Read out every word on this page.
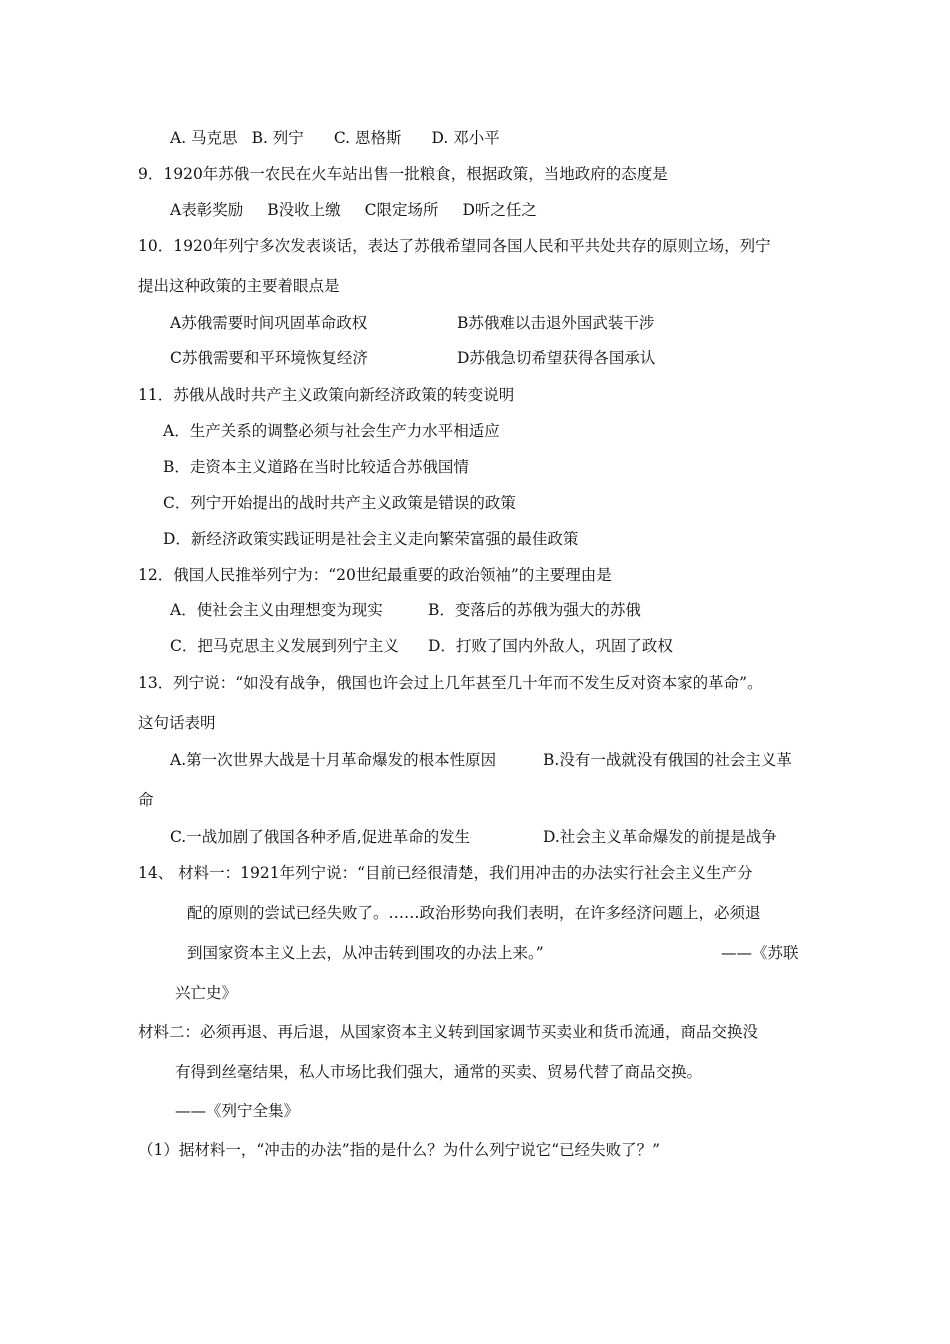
A. 马克思 B. 列宁 C. 恩格斯 D. 邓小平
9．1920年苏俄一农民在火车站出售一批粮食，根据政策，当地政府的态度是
A表彰奖励 B没收上缴 C限定场所 D听之任之
10．1920年列宁多次发表谈话，表达了苏俄希望同各国人民和平共处共存的原则立场，列宁
提出这种政策的主要着眼点是
A苏俄需要时间巩固革命政权	B苏俄难以击退外国武装干涉
C苏俄需要和平环境恢复经济	D苏俄急切希望获得各国承认
11．苏俄从战时共产主义政策向新经济政策的转变说明
A．生产关系的调整必须与社会生产力水平相适应
B．走资本主义道路在当时比较适合苏俄国情
C．列宁开始提出的战时共产主义政策是错误的政策
D．新经济政策实践证明是社会主义走向繁荣富强的最佳政策
12．俄国人民推举列宁为：“20世纪最重要的政治领袖”的主要理由是
A．使社会主义由理想变为现实	B．变落后的苏俄为强大的苏俄
C．把马克思主义发展到列宁主义 D．打败了国内外敌人，巩固了政权
13．列宁说：“如没有战争，俄国也许会过上几年甚至几十年而不发生反对资本家的革命”。
这句话表明
A.第一次世界大战是十月革命爆发的根本性原因	B.没有一战就没有俄国的社会主义革
命
C.一战加剧了俄国各种矛盾,促进革命的发生	D.社会主义革命爆发的前提是战争
14、 材料一：1921年列宁说：“目前已经很清楚，我们用冲击的办法实行社会主义生产分
配的原则的尝试已经失败了。……政治形势向我们表明，在许多经济问题上，必须退
到国家资本主义上去，从冲击转到围攻的办法上来。”	——《苏联
兴亡史》
材料二：必须再退、再后退，从国家资本主义转到国家调节买卖业和货币流通，商品交换没
有得到丝毫结果，私人市场比我们强大，通常的买卖、贸易代替了商品交换。
——《列宁全集》
（1）据材料一，“冲击的办法”指的是什么？为什么列宁说它“已经失败了？”
